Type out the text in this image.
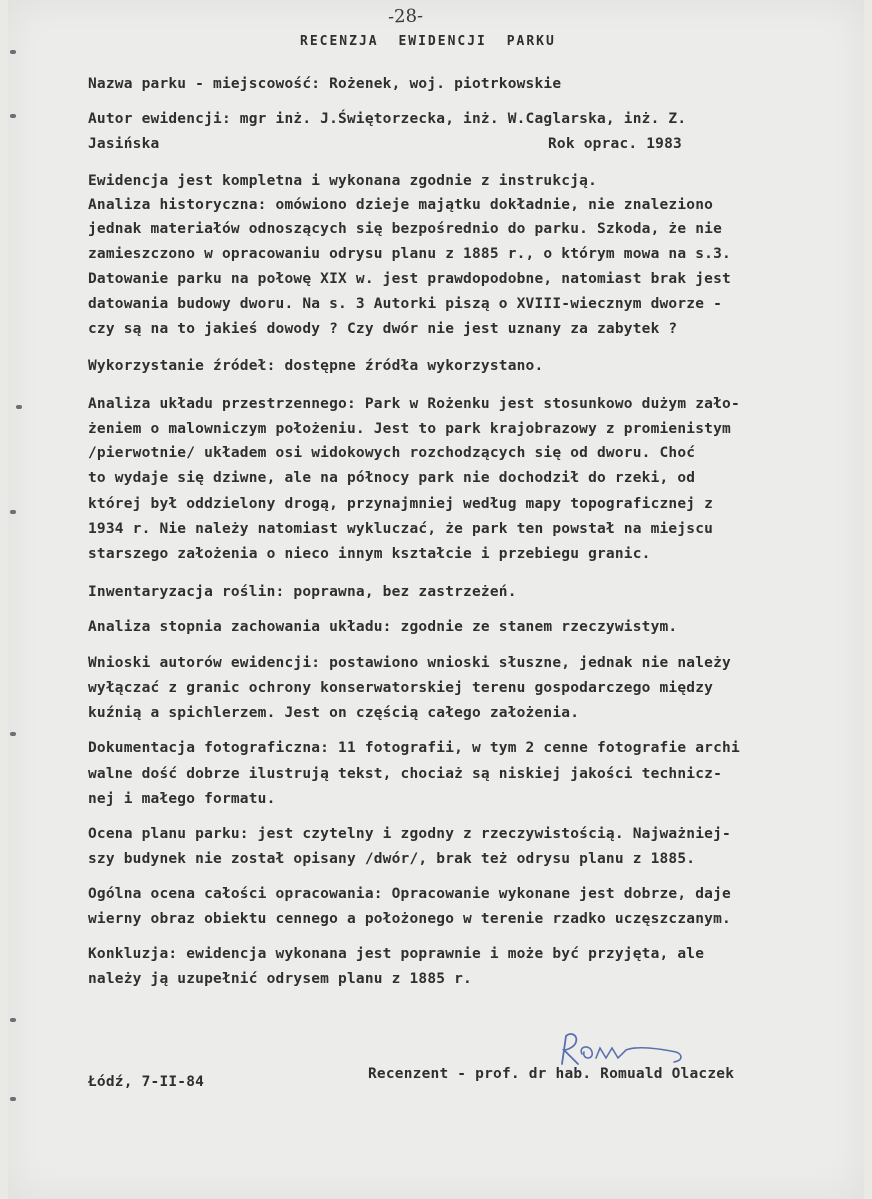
-28-
RECENZJA EWIDENCJI PARKU
Nazwa parku - miejscowość: Rożenek, woj. piotrkowskie
Autor ewidencji: mgr inż. J.Świętorzecka, inż. W.Caglarska, inż. Z.
Jasińska	Rok oprac. 1983
Ewidencja jest kompletna i wykonana zgodnie z instrukcją.
Analiza historyczna: omówiono dzieje majątku dokładnie, nie znaleziono
jednak materiałów odnoszących się bezpośrednio do parku. Szkoda, że nie
zamieszczono w opracowaniu odrysu planu z 1885 r., o którym mowa na s.3.
Datowanie parku na połowę XIX w. jest prawdopodobne, natomiast brak jest
datowania budowy dworu. Na s. 3 Autorki piszą o XVIII-wiecznym dworze -
czy są na to jakieś dowody ? Czy dwór nie jest uznany za zabytek ?
Wykorzystanie źródeł: dostępne źródła wykorzystano.
Analiza układu przestrzennego: Park w Rożenku jest stosunkowo dużym zało-
żeniem o malowniczym położeniu. Jest to park krajobrazowy z promienistym
/pierwotnie/ układem osi widokowych rozchodzących się od dworu. Choć
to wydaje się dziwne, ale na północy park nie dochodził do rzeki, od
której był oddzielony drogą, przynajmniej według mapy topograficznej z
1934 r. Nie należy natomiast wykluczać, że park ten powstał na miejscu
starszego założenia o nieco innym kształcie i przebiegu granic.
Inwentaryzacja roślin: poprawna, bez zastrzeżeń.
Analiza stopnia zachowania układu: zgodnie ze stanem rzeczywistym.
Wnioski autorów ewidencji: postawiono wnioski słuszne, jednak nie należy
wyłączać z granic ochrony konserwatorskiej terenu gospodarczego między
kuźnią a spichlerzem. Jest on częścią całego założenia.
Dokumentacja fotograficzna: 11 fotografii, w tym 2 cenne fotografie archi
walne dość dobrze ilustrują tekst, chociaż są niskiej jakości technicz-
nej i małego formatu.
Ocena planu parku: jest czytelny i zgodny z rzeczywistością. Najważniej-
szy budynek nie został opisany /dwór/, brak też odrysu planu z 1885.
Ogólna ocena całości opracowania: Opracowanie wykonane jest dobrze, daje
wierny obraz obiektu cennego a położonego w terenie rzadko uczęszczanym.
Konkluzja: ewidencja wykonana jest poprawnie i może być przyjęta, ale
należy ją uzupełnić odrysem planu z 1885 r.
Łódź, 7-II-84	Recenzent - prof. dr hab. Romuald Olaczek
